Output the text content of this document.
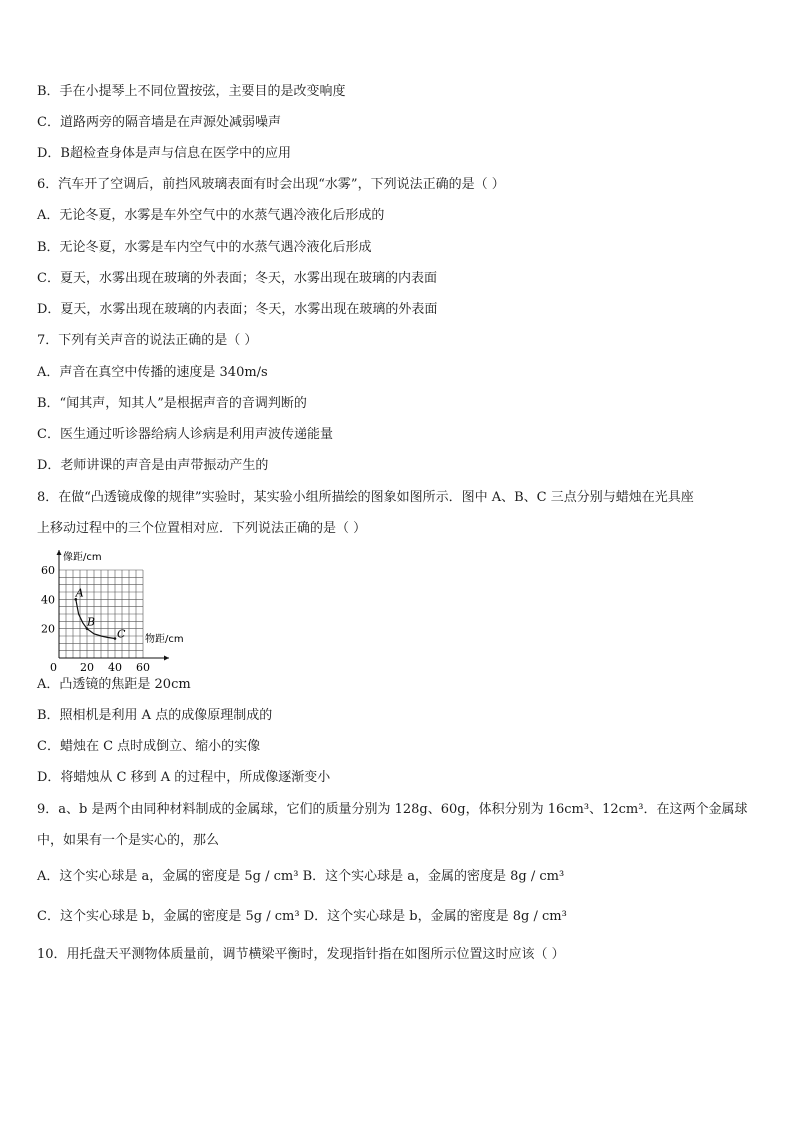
B．手在小提琴上不同位置按弦，主要目的是改变响度
C．道路两旁的隔音墙是在声源处减弱噪声
D．B超检查身体是声与信息在医学中的应用
6．汽车开了空调后，前挡风玻璃表面有时会出现“水雾”，下列说法正确的是（ ）
A．无论冬夏，水雾是车外空气中的水蒸气遇冷液化后形成的
B．无论冬夏，水雾是车内空气中的水蒸气遇冷液化后形成
C．夏天，水雾出现在玻璃的外表面；冬天，水雾出现在玻璃的内表面
D．夏天，水雾出现在玻璃的内表面；冬天，水雾出现在玻璃的外表面
7．下列有关声音的说法正确的是（ ）
A．声音在真空中传播的速度是 340m/s
B．“闻其声，知其人”是根据声音的音调判断的
C．医生通过听诊器给病人诊病是利用声波传递能量
D．老师讲课的声音是由声带振动产生的
8．在做“凸透镜成像的规律”实验时，某实验小组所描绘的图象如图所示．图中 A、B、C 三点分别与蜡烛在光具座
上移动过程中的三个位置相对应．下列说法正确的是（ ）
20 40 60
20
40
60
0
像距/cm
物距/cm
A
B
C
A．凸透镜的焦距是 20cm
B．照相机是利用 A 点的成像原理制成的
C．蜡烛在 C 点时成倒立、缩小的实像
D．将蜡烛从 C 移到 A 的过程中，所成像逐渐变小
9．a、b 是两个由同种材料制成的金属球，它们的质量分别为 128g、60g，体积分别为 16cm³、12cm³．在这两个金属球
中，如果有一个是实心的，那么
A．这个实心球是 a，金属的密度是 5g / cm³ B．这个实心球是 a，金属的密度是 8g / cm³
C．这个实心球是 b，金属的密度是 5g / cm³ D．这个实心球是 b，金属的密度是 8g / cm³
10．用托盘天平测物体质量前，调节横梁平衡时，发现指针指在如图所示位置这时应该（ ）
